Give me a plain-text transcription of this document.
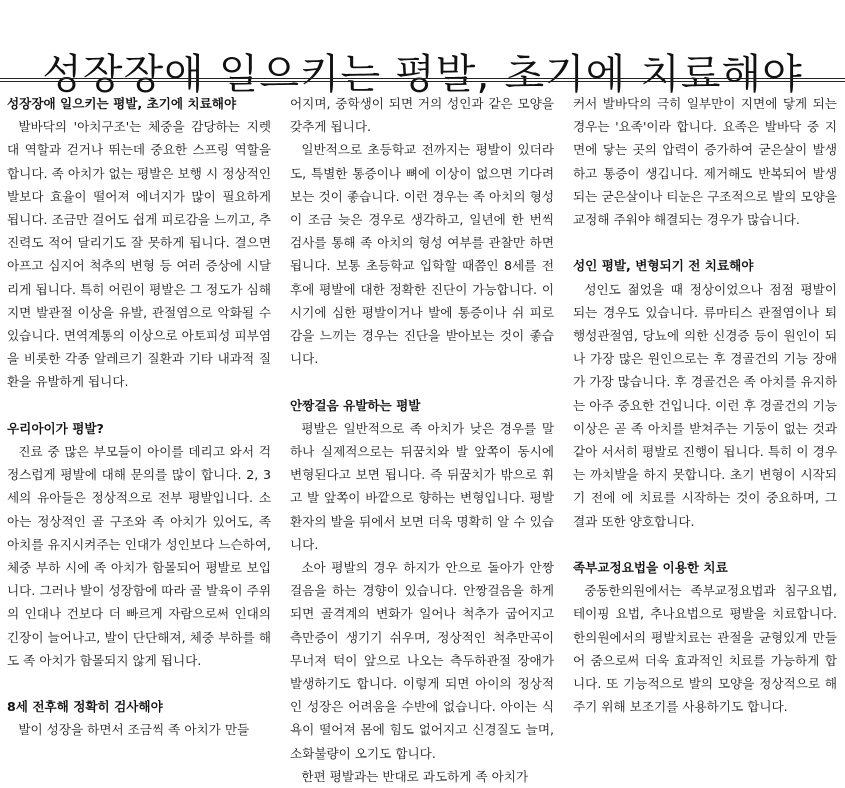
성장장애 일으키는 평발, 초기에 치료해야
성장장애 일으키는 평발, 초기에 치료해야

발바닥의 '아치구조'는 체중을 감당하는 지렛대 역할과 걷거나 뛰는데 중요한 스프링 역할을 합니다. 족 아치가 없는 평발은 보행 시 정상적인 발보다 효율이 떨어져 에너지가 많이 필요하게 됩니다. 조금만 걸어도 쉽게 피로감을 느끼고, 추진력도 적어 달리기도 잘 못하게 됩니다. 결으면 아프고 심지어 척추의 변형 등 여러 증상에 시달리게 됩니다. 특히 어린이 평발은 그 정도가 심해지면 발관절 이상을 유발, 관절염으로 악화될 수 있습니다. 면역계통의 이상으로 아토피성 피부염을 비롯한 각종 알레르기 질환과 기타 내과적 질환을 유발하게 됩니다.

우리아이가 평발?

진료 중 많은 부모들이 아이를 데리고 와서 걱정스럽게 평발에 대해 문의를 많이 합니다. 2, 3 세의 유아들은 정상적으로 전부 평발입니다. 소아는 정상적인 골 구조와 족 아치가 있어도, 족 아치를 유지시켜주는 인대가 성인보다 느슨하여, 체중 부하 시에 족 아치가 함몰되어 평발로 보입니다. 그러나 발이 성장함에 따라 골 발육이 주위의 인대나 건보다 더 빠르게 자람으로써 인대의 긴장이 늘어나고, 발이 단단해져, 체중 부하를 해도 족 아치가 함몰되지 않게 됩니다.

8세 전후해 정확히 검사해야

발이 성장을 하면서 조금씩 족 아치가 만들

어지며, 중학생이 되면 거의 성인과 같은 모양을 갖추게 됩니다.

일반적으로 초등학교 전까지는 평발이 있더라도, 특별한 통증이나 뼈에 이상이 없으면 기다려 보는 것이 좋습니다. 이런 경우는 족 아치의 형성이 조금 늦은 경우로 생각하고, 일년에 한 번씩 검사를 통해 족 아치의 형성 여부를 관찰만 하면 됩니다. 보통 초등학교 입학할 때쯤인 8세를 전후에 평발에 대한 정확한 진단이 가능합니다. 이시기에 심한 평발이거나 발에 통증이나 쉬 피로감을 느끼는 경우는 진단을 받아보는 것이 좋습니다.

안짱걸음 유발하는 평발

평발은 일반적으로 족 아치가 낮은 경우를 말하나 실제적으로는 뒤꿈치와 발 앞쪽이 동시에 변형된다고 보면 됩니다. 즉 뒤꿈치가 밖으로 휘고 발 앞쪽이 바깥으로 향하는 변형입니다. 평발 환자의 발을 뒤에서 보면 더욱 명확히 알 수 있습니다.

소아 평발의 경우 하지가 안으로 돌아가 안짱 걸음을 하는 경향이 있습니다. 안짱걸음을 하게 되면 골격계의 변화가 일어나 척추가 굽어지고 측만증이 생기기 쉬우며, 정상적인 척추만곡이 무너져 턱이 앞으로 나오는 측두하관절 장애가 발생하기도 합니다. 이렇게 되면 아이의 정상적인 성장은 어려움을 수반에 없습니다. 아이는 식욕이 떨어져 몸에 힘도 없어지고 신경질도 늘며, 소화불량이 오기도 합니다.

한편 평발과는 반대로 과도하게 족 아치가

커서 발바닥의 극히 일부만이 지면에 닿게 되는 경우는 '요족'이라 합니다. 요족은 발바닥 중 지면에 닿는 곳의 압력이 증가하여 굳은살이 발생하고 통증이 생깁니다. 제거해도 반복되어 발생되는 굳은살이나 티눈은 구조적으로 발의 모양을 교정해 주워야 해결되는 경우가 많습니다.

성인 평발, 변형되기 전 치료해야

성인도 젊었을 때 정상이었으나 점점 평발이 되는 경우도 있습니다. 류마티스 관절염이나 퇴행성관절염, 당뇨에 의한 신경증 등이 원인이 되나 가장 많은 원인으로는 후 경골건의 기능 장애가 가장 많습니다. 후 경골건은 족 아치를 유지하는 아주 중요한 건입니다. 이런 후 경골건의 기능 이상은 곧 족 아치를 받쳐주는 기둥이 없는 것과 같아 서서히 평발로 진행이 됩니다. 특히 이 경우는 까치발을 하지 못합니다. 초기 변형이 시작되기 전에 에 치료를 시작하는 것이 중요하며, 그 결과 또한 양호합니다.

족부교정요법을 이용한 치료

중동한의원에서는 족부교정요법과 침구요법, 테이핑 요법, 추나요법으로 평발을 치료합니다. 한의원에서의 평발치료는 관절을 균형있게 만들어 줌으로써 더욱 효과적인 치료를 가능하게 합니다. 또 기능적으로 발의 모양을 정상적으로 해주기 위해 보조기를 사용하기도 합니다.
